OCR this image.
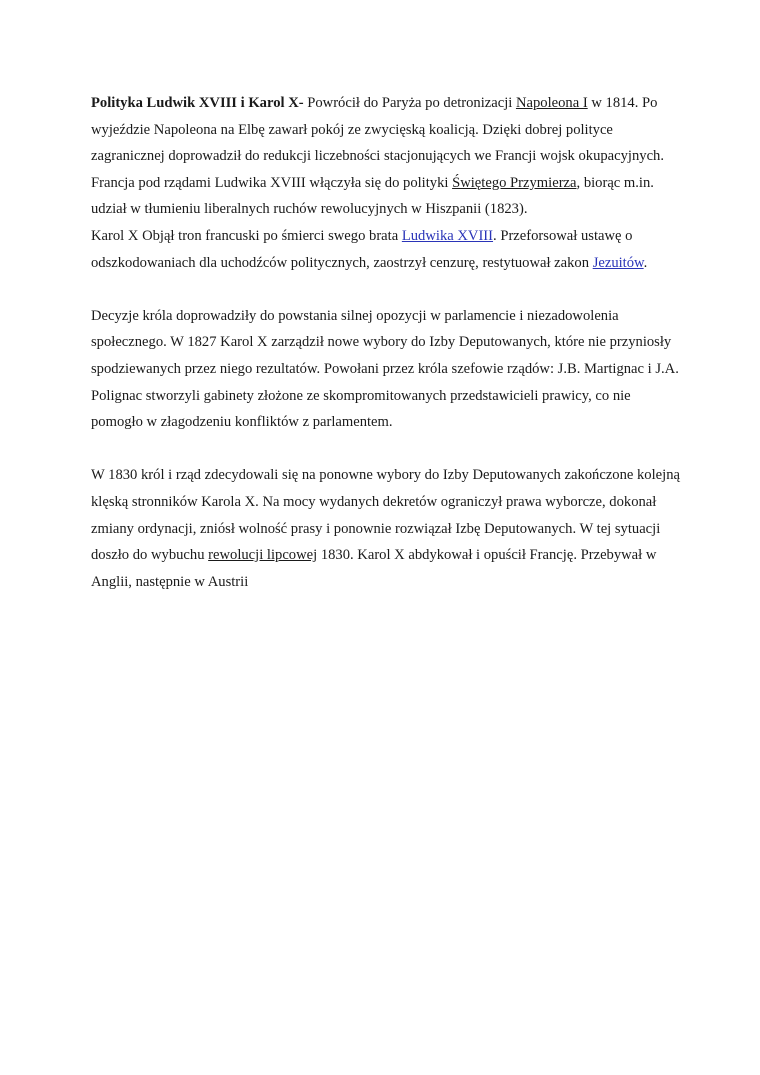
Polityka Ludwik XVIII i Karol X- Powrócił do Paryża po detronizacji Napoleona I w 1814. Po wyjeździe Napoleona na Elbę zawarł pokój ze zwycięską koalicją. Dzięki dobrej polityce zagranicznej doprowadził do redukcji liczebności stacjonujących we Francji wojsk okupacyjnych. Francja pod rządami Ludwika XVIII włączyła się do polityki Świętego Przymierza, biorąc m.in. udział w tłumieniu liberalnych ruchów rewolucyjnych w Hiszpanii (1823).

Karol X Objął tron francuski po śmierci swego brata Ludwika XVIII. Przeforsował ustawę o odszkodowaniach dla uchodźców politycznych, zaostrzył cenzurę, restytuował zakon Jezuitów.

Decyzje króla doprowadziły do powstania silnej opozycji w parlamencie i niezadowolenia społecznego. W 1827 Karol X zarządził nowe wybory do Izby Deputowanych, które nie przyniosły spodziewanych przez niego rezultatów. Powołani przez króla szefowie rządów: J.B. Martignac i J.A. Polignac stworzyli gabinety złożone ze skompromitowanych przedstawicieli prawicy, co nie pomogło w złagodzeniu konfliktów z parlamentem.

W 1830 król i rząd zdecydowali się na ponowne wybory do Izby Deputowanych zakończone kolejną klęską stronników Karola X. Na mocy wydanych dekretów ograniczył prawa wyborcze, dokonał zmiany ordynacji, zniósł wolność prasy i ponownie rozwiązał Izbę Deputowanych. W tej sytuacji doszło do wybuchu rewolucji lipcowej 1830. Karol X abdykował i opuścił Francję. Przebywał w Anglii, następnie w Austrii
